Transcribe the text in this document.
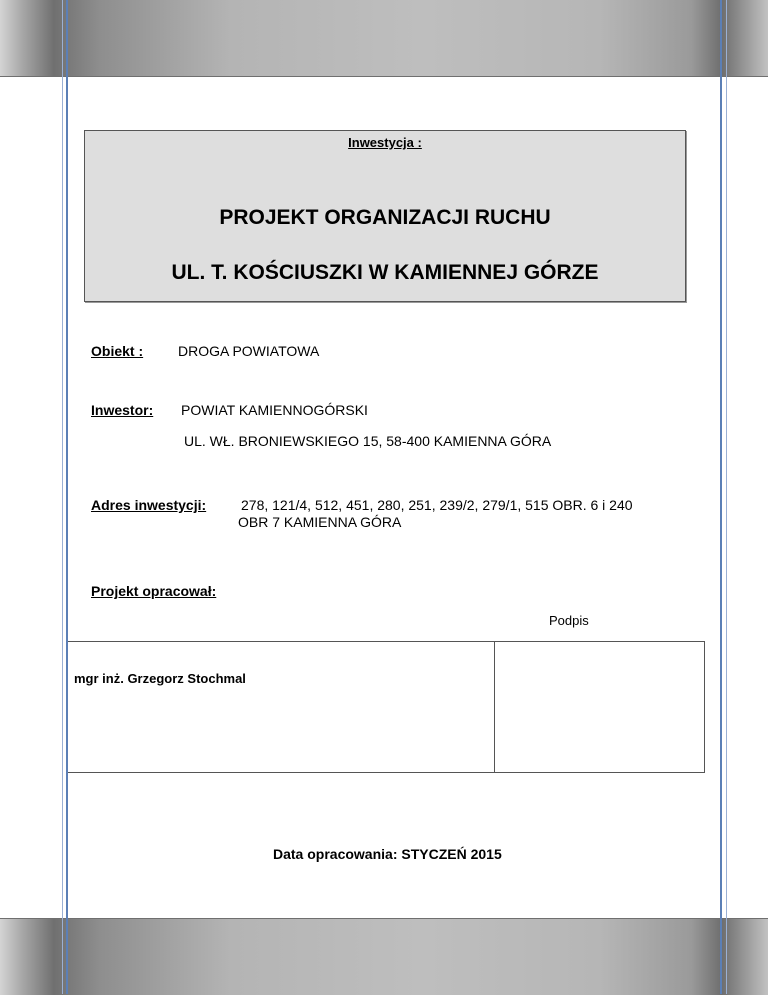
Inwestycja :
PROJEKT ORGANIZACJI RUCHU
UL. T. KOŚCIUSZKI W KAMIENNEJ GÓRZE
Obiekt : DROGA POWIATOWA
Inwestor: POWIAT KAMIENNOGÓRSKI
UL. WŁ. BRONIEWSKIEGO 15, 58-400 KAMIENNA GÓRA
Adres inwestycji: 278, 121/4, 512, 451, 280, 251, 239/2, 279/1, 515 OBR. 6 i 240
OBR 7 KAMIENNA GÓRA
Projekt opracował:
Podpis
mgr inż. Grzegorz Stochmal
Data opracowania: STYCZEŃ 2015
